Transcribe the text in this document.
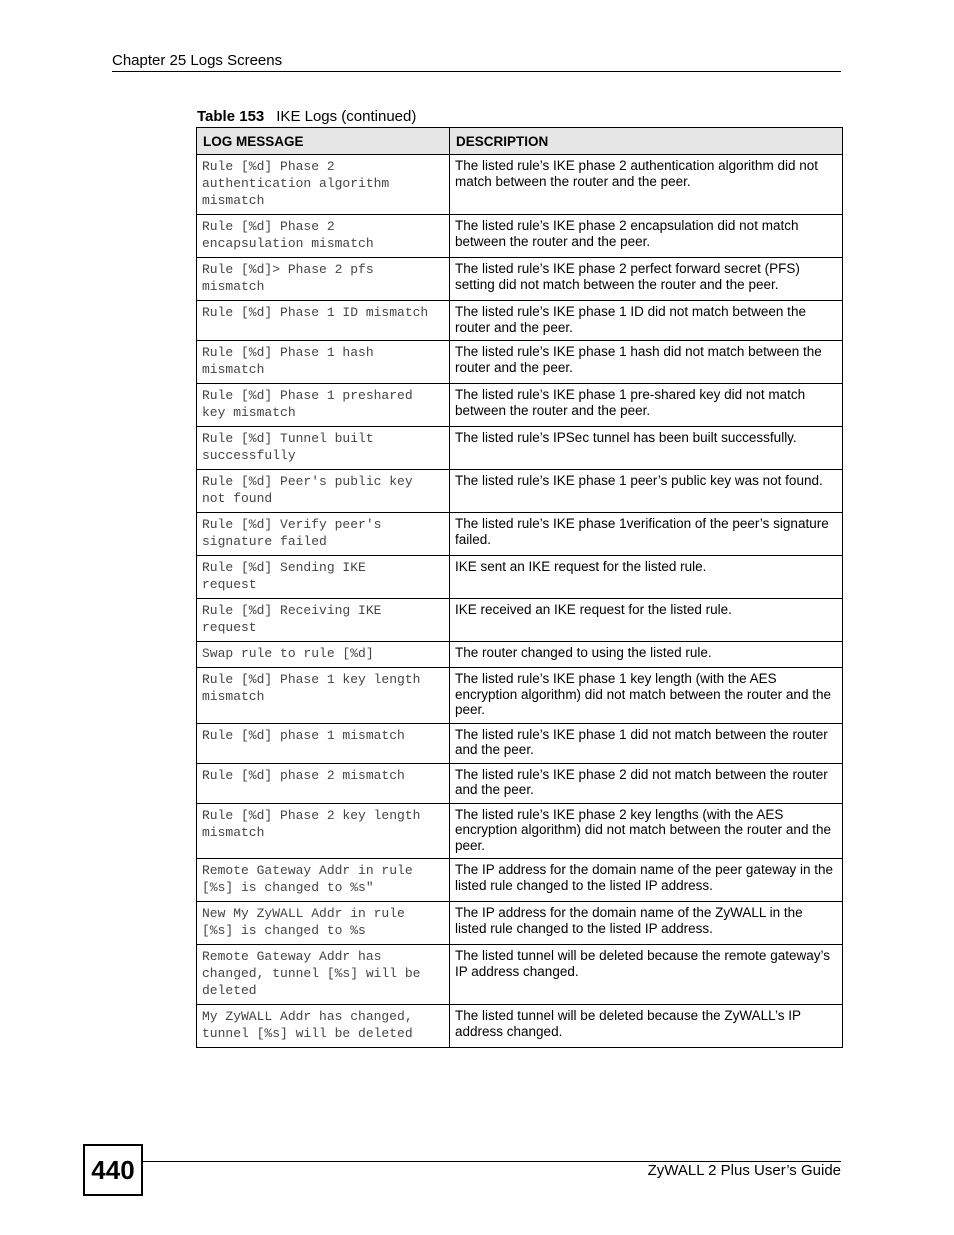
Chapter 25 Logs Screens
Table 153 IKE Logs (continued)
LOG MESSAGE	DESCRIPTION
Rule [%d] Phase 2
authentication algorithm
mismatch	The listed rule’s IKE phase 2 authentication algorithm did not match between the router and the peer.
Rule [%d] Phase 2
encapsulation mismatch	The listed rule’s IKE phase 2 encapsulation did not match between the router and the peer.
Rule [%d]> Phase 2 pfs
mismatch	The listed rule’s IKE phase 2 perfect forward secret (PFS) setting did not match between the router and the peer.
Rule [%d] Phase 1 ID mismatch	The listed rule’s IKE phase 1 ID did not match between the router and the peer.
Rule [%d] Phase 1 hash
mismatch	The listed rule’s IKE phase 1 hash did not match between the router and the peer.
Rule [%d] Phase 1 preshared
key mismatch	The listed rule’s IKE phase 1 pre-shared key did not match between the router and the peer.
Rule [%d] Tunnel built
successfully	The listed rule’s IPSec tunnel has been built successfully.
Rule [%d] Peer's public key
not found	The listed rule’s IKE phase 1 peer’s public key was not found.
Rule [%d] Verify peer's
signature failed	The listed rule’s IKE phase 1verification of the peer’s signature failed.
Rule [%d] Sending IKE
request	IKE sent an IKE request for the listed rule.
Rule [%d] Receiving IKE
request	IKE received an IKE request for the listed rule.
Swap rule to rule [%d]	The router changed to using the listed rule.
Rule [%d] Phase 1 key length
mismatch	The listed rule’s IKE phase 1 key length (with the AES encryption algorithm) did not match between the router and the peer.
Rule [%d] phase 1 mismatch	The listed rule’s IKE phase 1 did not match between the router and the peer.
Rule [%d] phase 2 mismatch	The listed rule’s IKE phase 2 did not match between the router and the peer.
Rule [%d] Phase 2 key length
mismatch	The listed rule’s IKE phase 2 key lengths (with the AES encryption algorithm) did not match between the router and the peer.
Remote Gateway Addr in rule
[%s] is changed to %s"	The IP address for the domain name of the peer gateway in the listed rule changed to the listed IP address.
New My ZyWALL Addr in rule
[%s] is changed to %s	The IP address for the domain name of the ZyWALL in the listed rule changed to the listed IP address.
Remote Gateway Addr has
changed, tunnel [%s] will be
deleted	The listed tunnel will be deleted because the remote gateway’s IP address changed.
My ZyWALL Addr has changed,
tunnel [%s] will be deleted	The listed tunnel will be deleted because the ZyWALL’s IP address changed.
440	ZyWALL 2 Plus User’s Guide
